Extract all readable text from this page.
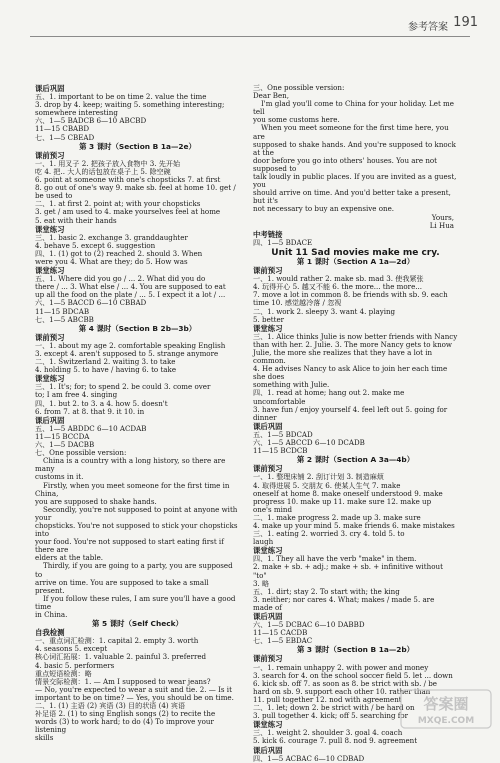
参考答案 191
课后巩固
五、1. important to be on time 2. value the time
3. drop by 4. keep; waiting 5. something interesting;
somewhere interesting
六、1—5 BADCB 6—10 ABCBD
11—15 CBABD
七、1—5 CBEAD
第 3 课时（Section B 1a—2e）
课前预习
一、1. 用叉子 2. 把孩子放入食物中 3. 先开始
吃 4. 把.. 大人的话包放在桌子上 5. 除空碗
6. point at someone with one's chopsticks 7. at first
8. go out of one's way 9. make sb. feel at home 10. get / be used to
二、1. at first 2. point at; with your chopsticks
3. get / am used to 4. make yourselves feel at home
5. eat with their hands
课堂练习
三、1. basic 2. exchange 3. granddaughter
4. behave 5. except 6. suggestion
四、1. (1) got to (2) reached 2. should 3. When
were you 4. What are they; do 5. How was
课堂练习
五、1. Where did you go / ... 2. What did you do
there / ... 3. What else / ... 4. You are supposed to eat
up all the food on the plate / ... 5. I expect it a lot / ...
六、1—5 BACCD 6—10 CBBAD
11—15 BDCAB
七、1—5 ABCBB
第 4 课时（Section B 2b—3b）
课前预习
一、1. about my age 2. comfortable speaking English
3. except 4. aren't supposed to 5. strange anymore
二、1. Switzerland 2. waiting 3. to take
4. holding 5. to have / having 6. to take
课堂练习
三、1. It's; for; to spend 2. be could 3. come over
to; I am free 4. singing
四、1. but 2. to 3. a 4. how 5. doesn't
6. from 7. at 8. that 9. it 10. in
课后巩固
五、1—5 ABDDC 6—10 ACDAB
11—15 BCCDA
六、1—5 DACBB
七、One possible version:
China is a country with a long history, so there are many
customs in it.
Firstly, when you meet someone for the first time in China,
you are supposed to shake hands.
Secondly, you're not supposed to point at anyone with your
chopsticks. You're not supposed to stick your chopsticks into
your food. You're not supposed to start eating first if there are
elders at the table.
Thirdly, if you are going to a party, you are supposed to
arrive on time. You are supposed to take a small present.
If you follow these rules, I am sure you'll have a good time
in China.
第 5 课时（Self Check）
自我检测
一、重点词汇检测：1. capital 2. empty 3. worth
4. seasons 5. except
核心词汇拓展：1. valuable 2. painful 3. preferred
4. basic 5. performers
重点短语检测：略
情景交际检测：1. — Am I supposed to wear jeans?
— No, you're expected to wear a suit and tie. 2. — Is it
important to be on time? — Yes, you should be on time.
二、1. (1) 主语 (2) 宾语 (3) 目的状语 (4) 宾语
补足语 2. (1) to sing English songs (2) to recite the
words (3) to work hard; to do (4) To improve your listening
skills
三、One possible version:
Dear Ben,
I'm glad you'll come to China for your holiday. Let me tell
you some customs here.
When you meet someone for the first time here, you are
supposed to shake hands. And you're supposed to knock at the
door before you go into others' houses. You are not supposed to
talk loudly in public places. If you are invited as a guest, you
should arrive on time. And you'd better take a present, but it's
not necessary to buy an expensive one.
Yours,
Li Hua
中考链接
四、1—5 BDACE
Unit 11 Sad movies make me cry.
第 1 课时（Section A 1a—2d）
课前预习
一、1. would rather 2. make sb. mad 3. 使我紧张
4. 玩得开心 5. 越又不能 6. the more... the more...
7. move a lot in common 8. be friends with sb. 9. each
time 10. 感觉越冷落 / 忽视
二、1. work 2. sleepy 3. want 4. playing
5. better
课堂练习
三、1. Alice thinks Julie is now better friends with Nancy
than with her. 2. Julie. 3. The more Nancy gets to know
Julie, the more she realizes that they have a lot in common.
4. He advises Nancy to ask Alice to join her each time she does
something with Julie.
四、1. read at home; hang out 2. make me uncomfortable
3. have fun / enjoy yourself 4. feel left out 5. going for
dinner
课后巩固
五、1—5 BDCAD
六、1—5 ABCCD 6—10 DCADB
11—15 BCDCB
第 2 课时（Section A 3a—4b）
课前预习
一、1. 整理床铺 2. 刮订计划 3. 制造麻烦
4. 取得进展 5. 交朋友 6. 使某人生气 7. make
oneself at home 8. make oneself understood 9. make
progress 10. make up 11. make sure 12. make up
one's mind
二、1. make progress 2. made up 3. make sure
4. make up your mind 5. make friends 6. make mistakes
三、1. eating 2. worried 3. cry 4. told 5. to
laugh
课堂练习
四、1. They all have the verb "make" in them.
2. make + sb. + adj.; make + sb. + infinitive without "to"
3. 略
五、1. dirt; stay 2. To start with; the king
3. neither; nor cares 4. What; makes / made 5. are
made of
课后巩固
六、1—5 DCBAC 6—10 DABBD
11—15 CACDB
七、1—5 EBDAC
第 3 课时（Section B 1a—2b）
课前预习
一、1. remain unhappy 2. with power and money
3. search for 4. on the school soccer field 5. let ... down
6. kick sb. off 7. as soon as 8. be strict with sb. / be
hard on sb. 9. support each other 10. rather than
11. pull together 12. nod with agreement
二、1. let; down 2. be strict with / be hard on
3. pull together 4. kick; off 5. searching for
课堂练习
三、1. weight 2. shoulder 3. goal 4. coach
5. kick 6. courage 7. pull 8. nod 9. agreement
课后巩固
四、1—5 ACBAC 6—10 CDBAD
答案圈
MXQE.COM
